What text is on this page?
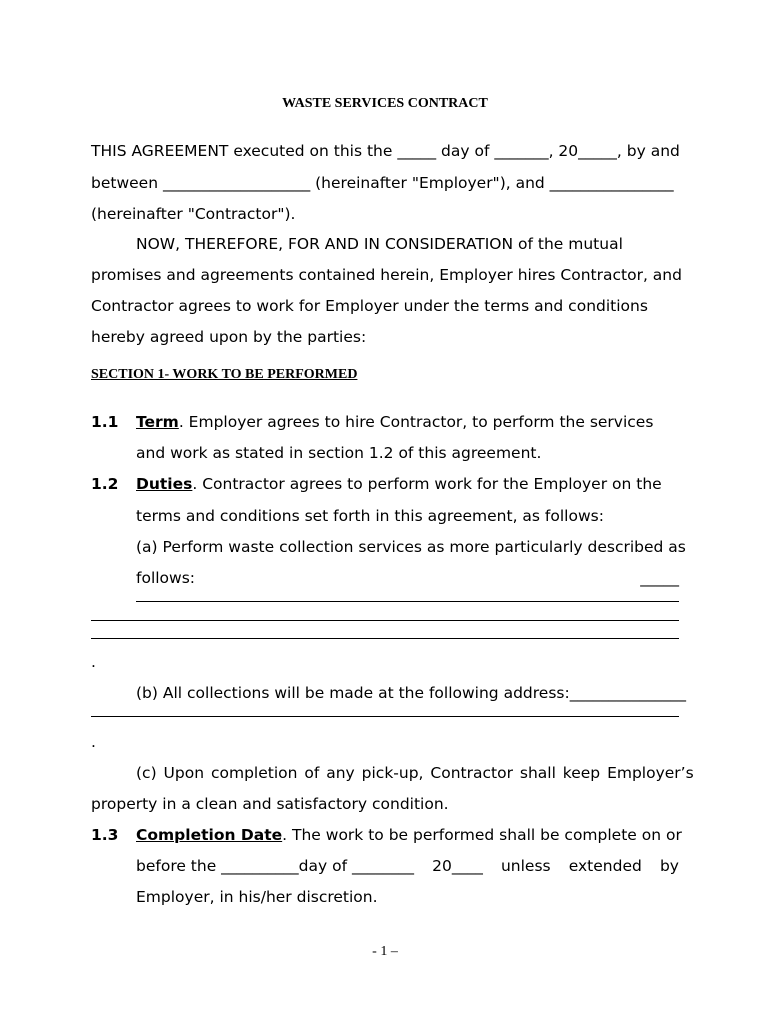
WASTE SERVICES CONTRACT
THIS AGREEMENT executed on this the _____ day of _______, 20_____, by and
between ___________________ (hereinafter "Employer"), and ________________
(hereinafter "Contractor").
NOW, THEREFORE, FOR AND IN CONSIDERATION of the mutual
promises and agreements contained herein, Employer hires Contractor, and
Contractor agrees to work for Employer under the terms and conditions
hereby agreed upon by the parties:
SECTION 1- WORK TO BE PERFORMED
1.1 Term. Employer agrees to hire Contractor, to perform the services
and work as stated in section 1.2 of this agreement.
1.2 Duties. Contractor agrees to perform work for the Employer on the
terms and conditions set forth in this agreement, as follows:
(a) Perform waste collection services as more particularly described as
follows:	_____
.
(b) All collections will be made at the following address:_______________
.
(c) Upon completion of any pick-up, Contractor shall keep Employer’s
property in a clean and satisfactory condition.
1.3 Completion Date. The work to be performed shall be complete on or
before the __________day of ________ 20____ unless extended by
Employer, in his/her discretion.
- 1 –
